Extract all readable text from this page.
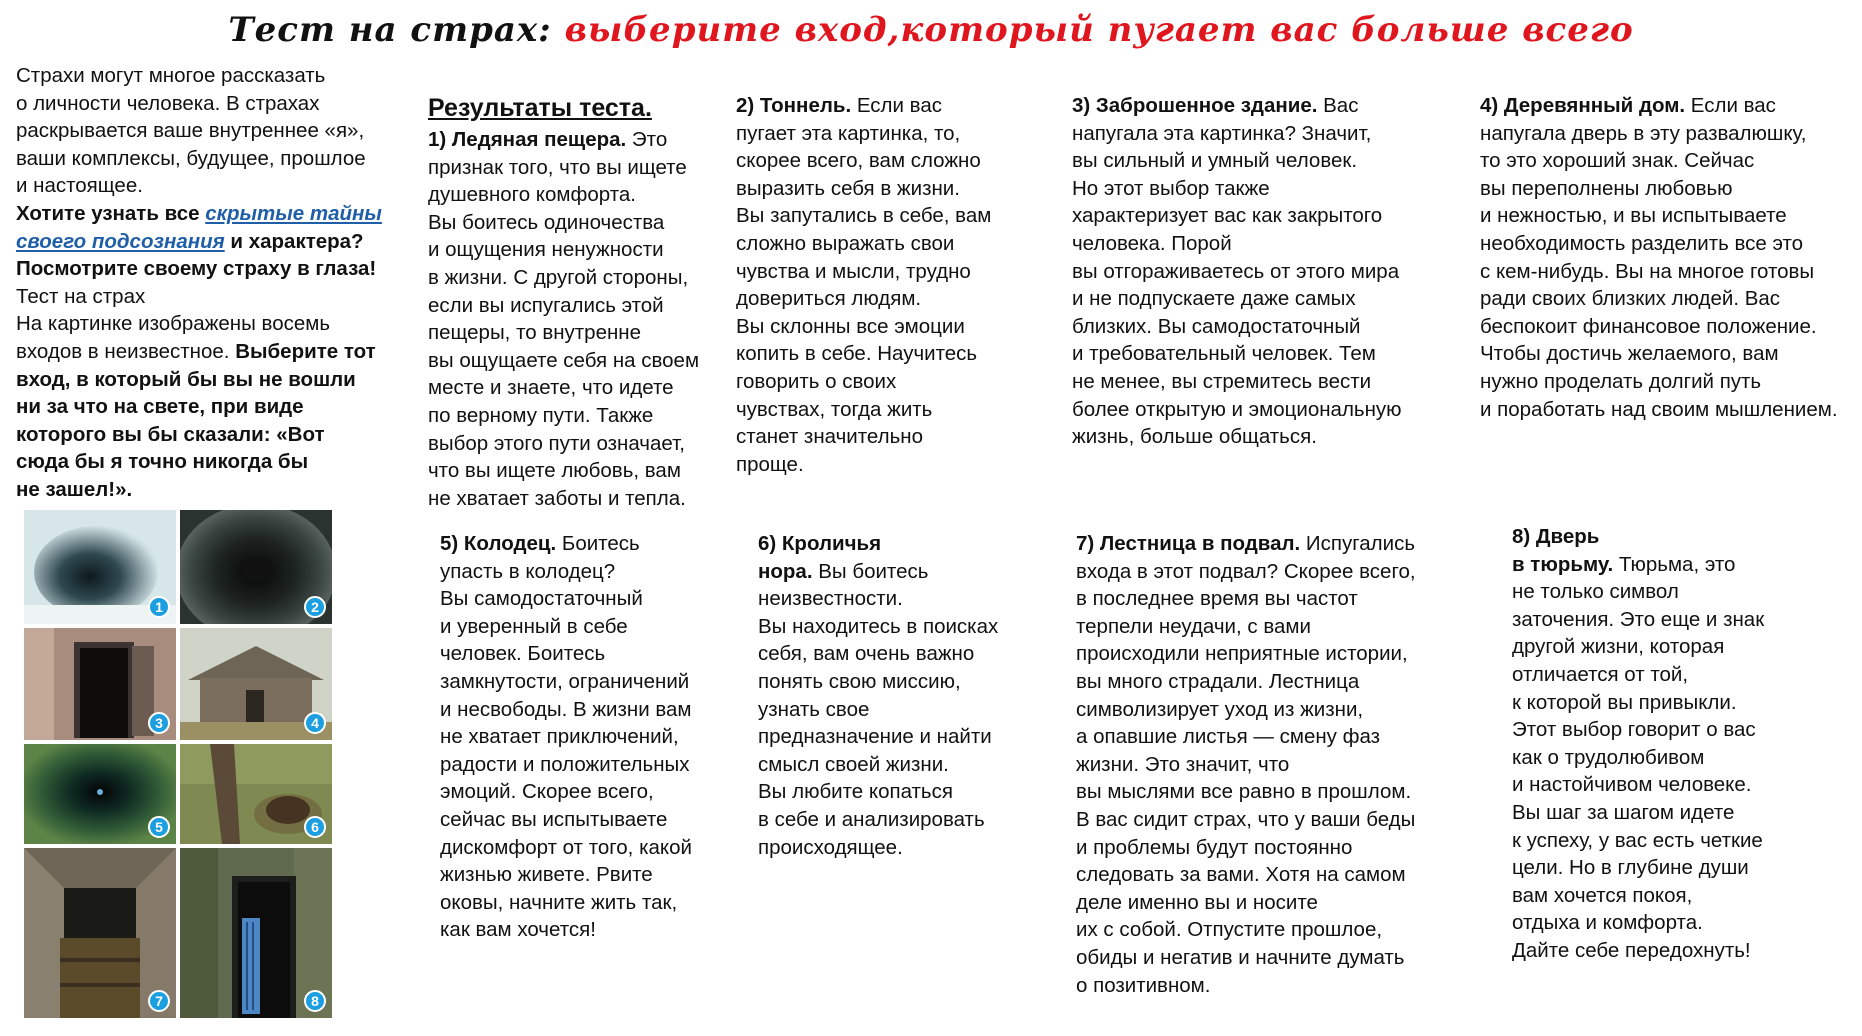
Тест на страх: выберите вход,который пугает вас больше всего
Страхи могут многое рассказать
о личности человека. В страхах
раскрывается ваше внутреннее «я»,
ваши комплексы, будущее, прошлое
и настоящее.
Хотите узнать все скрытые тайны
своего подсознания и характера?
Посмотрите своему страху в глаза!
Тест на страх
На картинке изображены восемь
входов в неизвестное. Выберите тот
вход, в который бы вы не вошли
ни за что на свете, при виде
которого вы бы сказали: «Вот
сюда бы я точно никогда бы
не зашел!».
1	2
3	4
5	6
7	8
Результаты теста.
1) Ледяная пещера. Это
признак того, что вы ищете
душевного комфорта.
Вы боитесь одиночества
и ощущения ненужности
в жизни. С другой стороны,
если вы испугались этой
пещеры, то внутренне
вы ощущаете себя на своем
месте и знаете, что идете
по верному пути. Также
выбор этого пути означает,
что вы ищете любовь, вам
не хватает заботы и тепла.
2) Тоннель. Если вас
пугает эта картинка, то,
скорее всего, вам сложно
выразить себя в жизни.
Вы запутались в себе, вам
сложно выражать свои
чувства и мысли, трудно
довериться людям.
Вы склонны все эмоции
копить в себе. Научитесь
говорить о своих
чувствах, тогда жить
станет значительно
проще.
3) Заброшенное здание. Вас
напугала эта картинка? Значит,
вы сильный и умный человек.
Но этот выбор также
характеризует вас как закрытого
человека. Порой
вы отгораживаетесь от этого мира
и не подпускаете даже самых
близких. Вы самодостаточный
и требовательный человек. Тем
не менее, вы стремитесь вести
более открытую и эмоциональную
жизнь, больше общаться.
4) Деревянный дом. Если вас
напугала дверь в эту развалюшку,
то это хороший знак. Сейчас
вы переполнены любовью
и нежностью, и вы испытываете
необходимость разделить все это
с кем-нибудь. Вы на многое готовы
ради своих близких людей. Вас
беспокоит финансовое положение.
Чтобы достичь желаемого, вам
нужно проделать долгий путь
и поработать над своим мышлением.
5) Колодец. Боитесь
упасть в колодец?
Вы самодостаточный
и уверенный в себе
человек. Боитесь
замкнутости, ограничений
и несвободы. В жизни вам
не хватает приключений,
радости и положительных
эмоций. Скорее всего,
сейчас вы испытываете
дискомфорт от того, какой
жизнью живете. Рвите
оковы, начните жить так,
как вам хочется!
6) Кроличья
нора. Вы боитесь
неизвестности.
Вы находитесь в поисках
себя, вам очень важно
понять свою миссию,
узнать свое
предназначение и найти
смысл своей жизни.
Вы любите копаться
в себе и анализировать
происходящее.
7) Лестница в подвал. Испугались
входа в этот подвал? Скорее всего,
в последнее время вы частот
терпели неудачи, с вами
происходили неприятные истории,
вы много страдали. Лестница
символизирует уход из жизни,
а опавшие листья — смену фаз
жизни. Это значит, что
вы мыслями все равно в прошлом.
В вас сидит страх, что у ваши беды
и проблемы будут постоянно
следовать за вами. Хотя на самом
деле именно вы и носите
их с собой. Отпустите прошлое,
обиды и негатив и начните думать
о позитивном.
8) Дверь
в тюрьму. Тюрьма, это
не только символ
заточения. Это еще и знак
другой жизни, которая
отличается от той,
к которой вы привыкли.
Этот выбор говорит о вас
как о трудолюбивом
и настойчивом человеке.
Вы шаг за шагом идете
к успеху, у вас есть четкие
цели. Но в глубине души
вам хочется покоя,
отдыха и комфорта.
Дайте себе передохнуть!
